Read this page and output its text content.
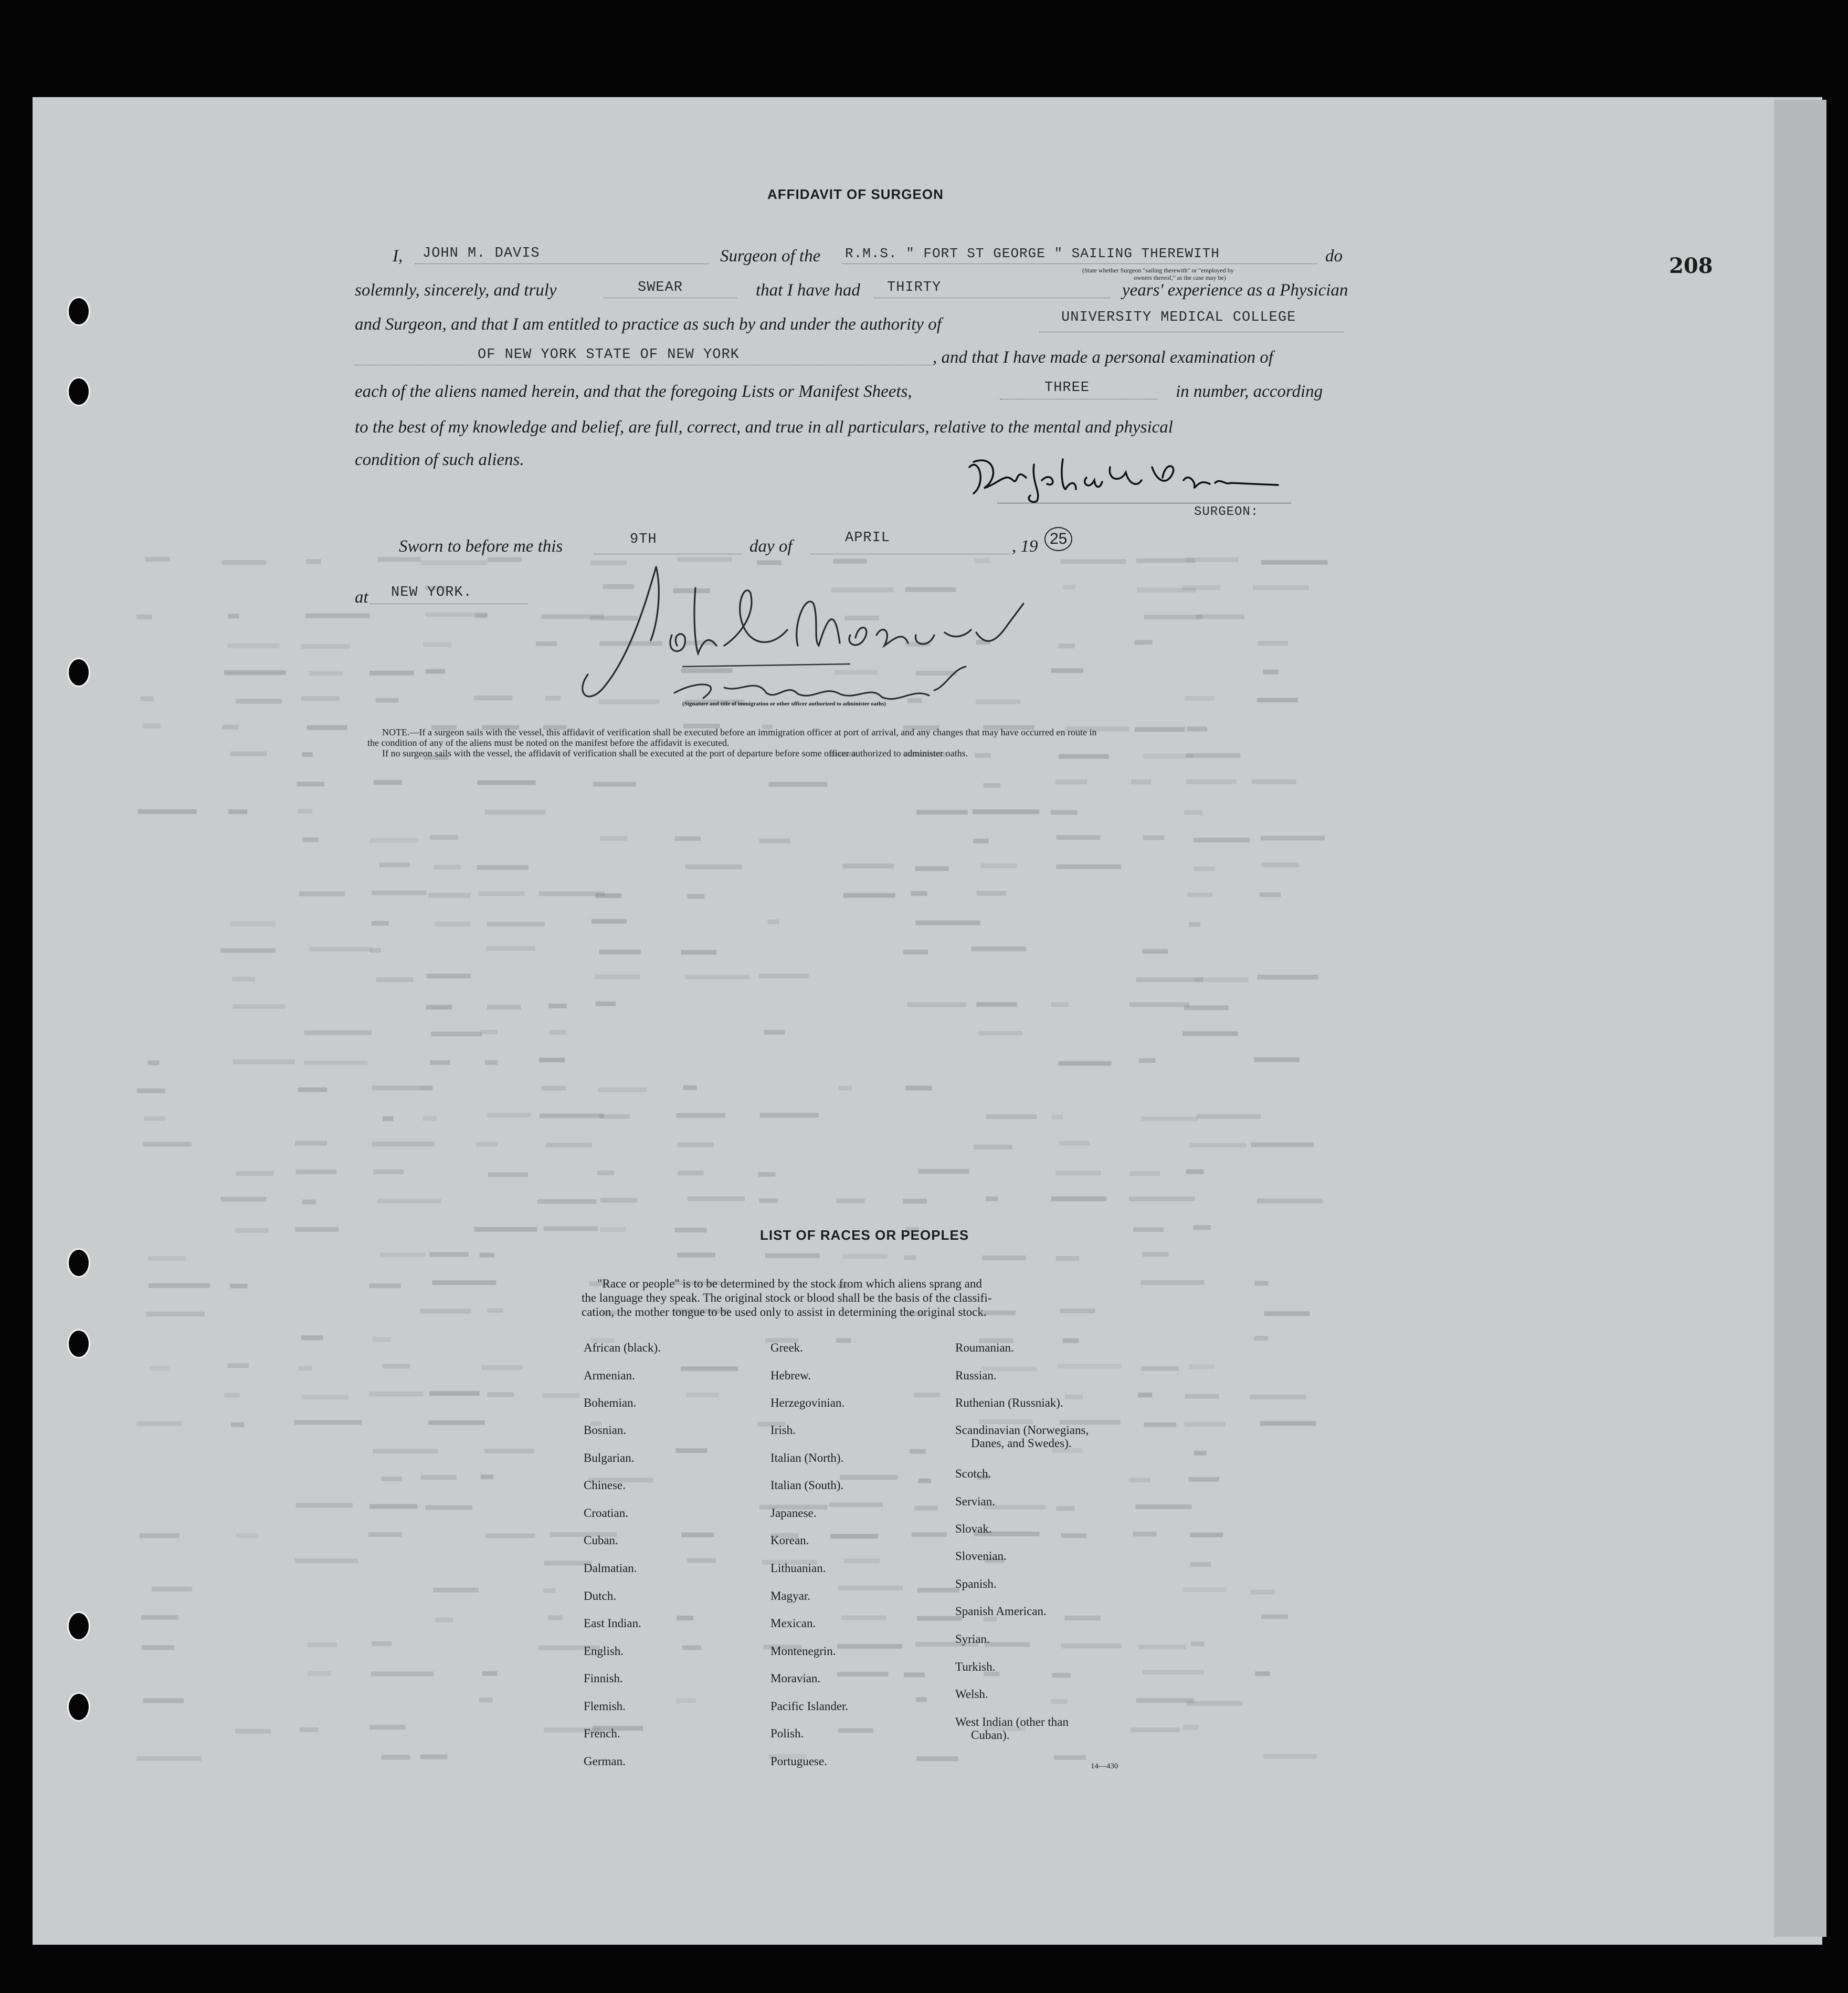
AFFIDAVIT OF SURGEON
208
I, JOHN M. DAVIS	Surgeon of the R.M.S. " FORT ST GEORGE " SAILING THEREWITH	do
(State whether Surgeon "sailing therewith" or "employed by
owners thereof," as the case may be)
solemnly, sincerely, and truly	SWEAR	that I have had THIRTY	years' experience as a Physician
and Surgeon, and that I am entitled to practice as such by and under the authority of	UNIVERSITY MEDICAL COLLEGE
OF NEW YORK STATE OF NEW YORK	, and that I have made a personal examination of
each of the aliens named herein, and that the foregoing Lists or Manifest Sheets,	THREE	in number, according
to the best of my knowledge and belief, are full, correct, and true in all particulars, relative to the mental and physical
condition of such aliens.
SURGEON:
Sworn to before me this	9TH	day of	APRIL	, 19 25
at NEW YORK.
(Signature and title of immigration or other officer authorized to administer oaths)
NOTE.—If a surgeon sails with the vessel, this affidavit of verification shall be executed before an immigration officer at port of arrival, and any changes that may have occurred en route in
the condition of any of the aliens must be noted on the manifest before the affidavit is executed.
If no surgeon sails with the vessel, the affidavit of verification shall be executed at the port of departure before some officer authorized to administer oaths.
LIST OF RACES OR PEOPLES
"Race or people" is to be determined by the stock from which aliens sprang and
the language they speak. The original stock or blood shall be the basis of the classifi-
cation, the mother tongue to be used only to assist in determining the original stock.
African (black).
Armenian.
Bohemian.
Bosnian.
Bulgarian.
Chinese.
Croatian.
Cuban.
Dalmatian.
Dutch.
East Indian.
English.
Finnish.
Flemish.
French.
German.
Greek.
Hebrew.
Herzegovinian.
Irish.
Italian (North).
Italian (South).
Japanese.
Korean.
Lithuanian.
Magyar.
Mexican.
Montenegrin.
Moravian.
Pacific Islander.
Polish.
Portuguese.
Roumanian.
Russian.
Ruthenian (Russniak).
Scandinavian (Norwegians,
Danes, and Swedes).
Scotch.
Servian.
Slovak.
Slovenian.
Spanish.
Spanish American.
Syrian.
Turkish.
Welsh.
West Indian (other than
Cuban).
14—430
